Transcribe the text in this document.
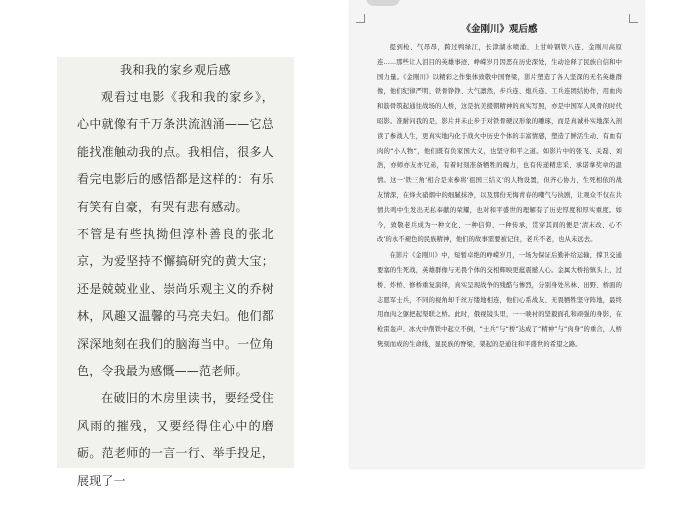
我和我的家乡观后感

观看过电影《我和我的家乡》，心中就像有千万条洪流汹涌——它总能找准触动我的点。我相信，很多人看完电影后的感悟都是这样的：有乐有笑有自豪，有哭有悲有感动。

不管是有些执拗但淳朴善良的张北京，为爱坚持不懈搞研究的黄大宝；还是兢兢业业、崇尚乐观主义的乔树林，风趣又温馨的马亮夫妇。他们都深深地刻在我们的脑海当中。一位角色，令我最为感慨——范老师。

在破旧的木房里读书，要经受住风雨的摧残，又要经得住心中的磨砺。范老师的一言一行、举手投足，展现了一

《金刚川》观后感

提到枪、气昂昂，跨过鸭绿江，长津湖水喷涌、上甘岭钢铁八连、金刚川高原连……那些让人泪目的英雄事迹、峥嵘岁月因恶在历史深处，生动诠释了民族自信和中国力量。《金刚川》以精彩之作集体致敬中国脊梁，影片塑造了各人坚深的无名英雄群像，他们纪律严明、铁骨铮铮、大气凛然，步兵连、炮兵连、工兵连团结协作，用血肉和筋骨筑起通往战场的人桥，这是抗美援朝精神的真实写照，亦是中国军人风骨的时代昭影。准耐问我的是，影片并未止步于对铁骨硬汉形象的雕琢，而是真诚朴实地深入剖读了参战人生，更真实地内化于战火中历史个体的丰富情感，塑造了鲜活生动、有血有肉的“小人物”，他们既有负家国大义，也坚守和平之道。如影片中的张飞、关磊、刘浩，亦师亦友亦兄弟，有着时刻准备牺牲的魄力，也有传递精忠采、承诺拿奖章的温情。这一‘铁三角’相合是来参将‘祖国三结义’的人物设置，但齐心协力、生死相依的战友情深，在烽火硝烟中的细腻抹净，以及那份无悔青春的嘲气与执剧，让观众不仅在共情共鸣中生发出无私奉献的荣耀，也对和平盛世的理解有了历史厚度和厚实重度。如今，致敬老兵成为一种文化、一种信仰、一种传承，贯穿其间的便是‘清末改、心不改’的永不褪色的民族精神，他们的故事需要被记住，老兵不老，也从未远去。

在影片《金刚川》中，短暂卓绝的峥嵘岁月，一场为保证后勤补给运输，撑卫交通要塞的生死战，英雄群像与无畏个体的交相辉映更蕴震撼人心。金属大桥抬镇头上，过桥、炸桥、修桥重复演绎，真实呈现战争的残酷与惨烈，分别身处丛林、田野、桥面的志愿军士兵，不同的视角却千丝万缕地相连，他们心系战友、无畏牺牲坚守阵地，最终用血肉之躯把起渠联之桥。此时，俄视镜头里，一一映衬的坚毅面孔和顽强的身影，在枪雷轰声、冰火中削铁中起立不倒，“士兵”与“桥”达成了“精神”与“肉身”的重合，人桥隽刻而成的生命线，显民族的脊梁，架起的是通往和平盛世的希望之路。
